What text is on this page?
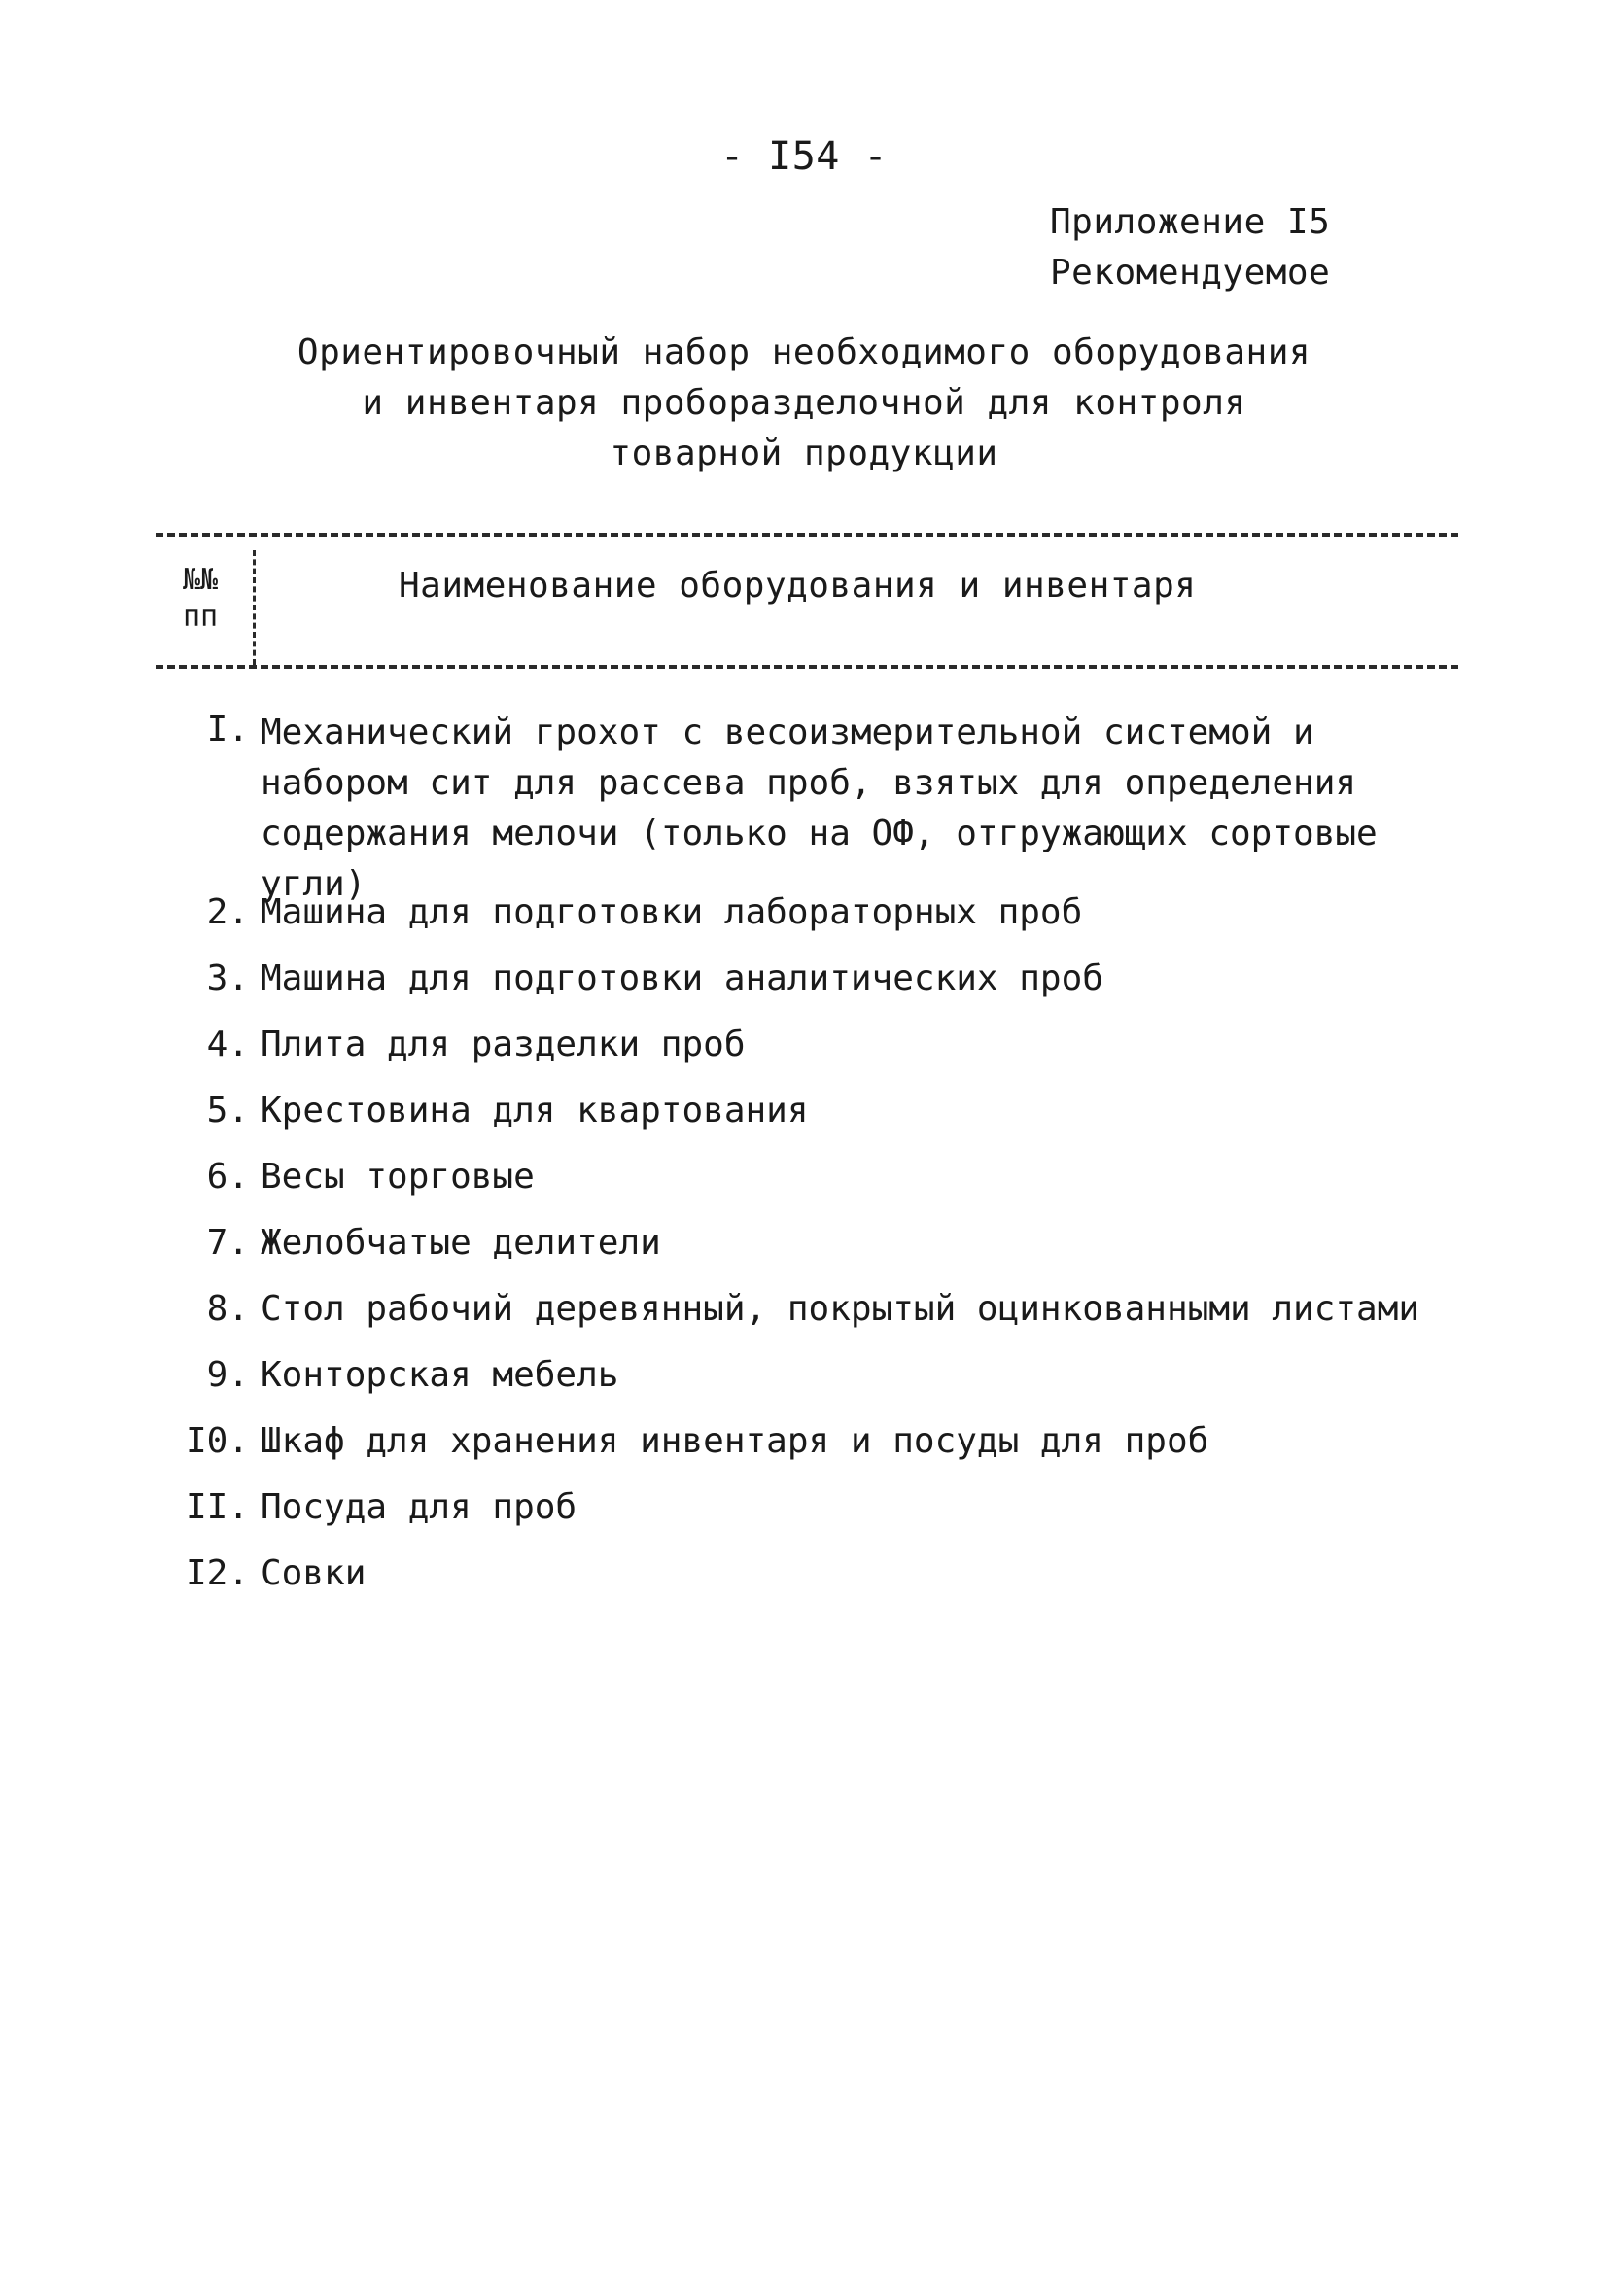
- I54 -
Приложение I5
Рекомендуемое
Ориентировочный набор необходимого оборудования
и инвентаря проборазделочной для контроля
товарной продукции
№№
пп
Наименование оборудования и инвентаря
I. Механический грохот с весоизмерительной системой и набором сит для рассева проб, взятых для определения содержания мелочи (только на ОФ, отгружающих сортовые угли)
2. Машина для подготовки лабораторных проб
3. Машина для подготовки аналитических проб
4. Плита для разделки проб
5. Крестовина для квартования
6. Весы торговые
7. Желобчатые делители
8. Стол рабочий деревянный, покрытый оцинкованными листами
9. Конторская мебель
I0. Шкаф для хранения инвентаря и посуды для проб
II. Посуда для проб
I2. Совки
